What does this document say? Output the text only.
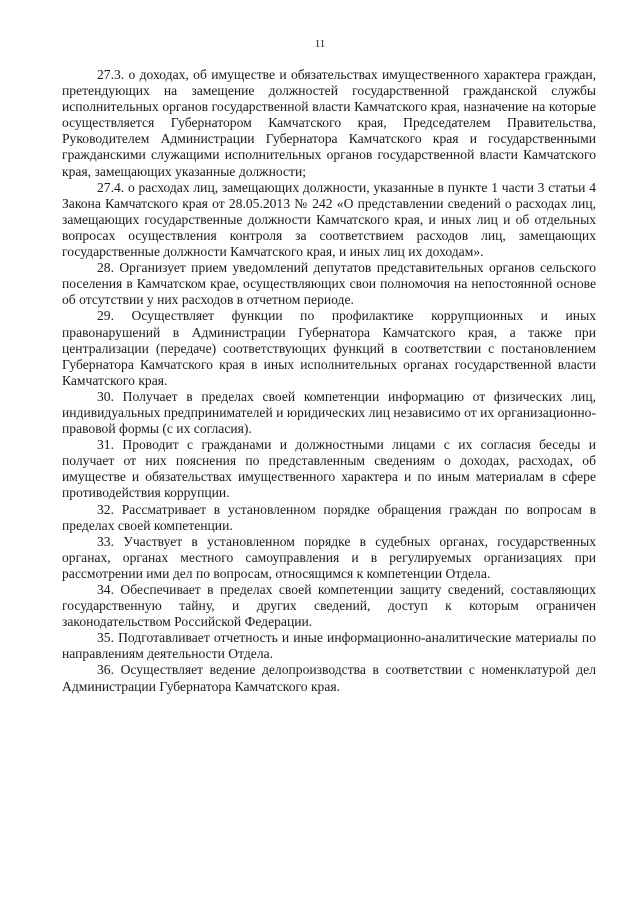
11

27.3. о доходах, об имуществе и обязательствах имущественного характера граждан, претендующих на замещение должностей государственной гражданской службы исполнительных органов государственной власти Камчатского края, назначение на которые осуществляется Губернатором Камчатского края, Председателем Правительства, Руководителем Администрации Губернатора Камчатского края и государственными гражданскими служащими исполнительных органов государственной власти Камчатского края, замещающих указанные должности;

27.4. о расходах лиц, замещающих должности, указанные в пункте 1 части 3 статьи 4 Закона Камчатского края от 28.05.2013 № 242 «О представлении сведений о расходах лиц, замещающих государственные должности Камчатского края, и иных лиц и об отдельных вопросах осуществления контроля за соответствием расходов лиц, замещающих государственные должности Камчатского края, и иных лиц их доходам».

28. Организует прием уведомлений депутатов представительных органов сельского поселения в Камчатском крае, осуществляющих свои полномочия на непостоянной основе об отсутствии у них расходов в отчетном периоде.

29. Осуществляет функции по профилактике коррупционных и иных правонарушений в Администрации Губернатора Камчатского края, а также при централизации (передаче) соответствующих функций в соответствии с постановлением Губернатора Камчатского края в иных исполнительных органах государственной власти Камчатского края.

30. Получает в пределах своей компетенции информацию от физических лиц, индивидуальных предпринимателей и юридических лиц независимо от их организационно-правовой формы (с их согласия).

31. Проводит с гражданами и должностными лицами с их согласия беседы и получает от них пояснения по представленным сведениям о доходах, расходах, об имуществе и обязательствах имущественного характера и по иным материалам в сфере противодействия коррупции.

32. Рассматривает в установленном порядке обращения граждан по вопросам в пределах своей компетенции.

33. Участвует в установленном порядке в судебных органах, государственных органах, органах местного самоуправления и в регулируемых организациях при рассмотрении ими дел по вопросам, относящимся к компетенции Отдела.

34. Обеспечивает в пределах своей компетенции защиту сведений, составляющих государственную тайну, и других сведений, доступ к которым ограничен законодательством Российской Федерации.

35. Подготавливает отчетность и иные информационно-аналитические материалы по направлениям деятельности Отдела.

36. Осуществляет ведение делопроизводства в соответствии с номенклатурой дел Администрации Губернатора Камчатского края.
